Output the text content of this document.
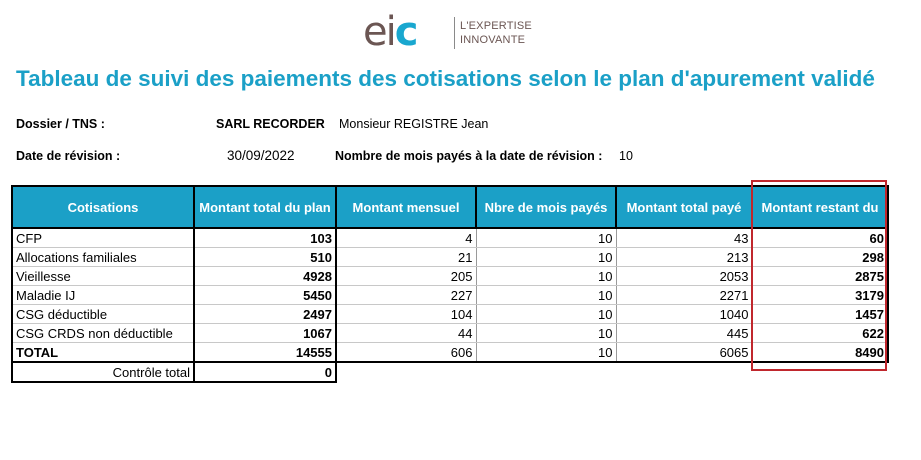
eic	L'EXPERTISE
INNOVANTE
Tableau de suivi des paiements des cotisations selon le plan d'apurement validé
Dossier / TNS :	SARL RECORDER Monsieur REGISTRE Jean
Date de révision :	30/09/2022	Nombre de mois payés à la date de révision : 10
Cotisations	Montant total du plan	Montant mensuel	Nbre de mois payés	Montant total payé	Montant restant du
CFP	103	4	10	43	60
Allocations familiales	510	21	10	213	298
Vieillesse	4928	205	10	2053	2875
Maladie IJ	5450	227	10	2271	3179
CSG déductible	2497	104	10	1040	1457
CSG CRDS non déductible	1067	44	10	445	622
TOTAL	14555	606	10	6065	8490
Contrôle total	0				
